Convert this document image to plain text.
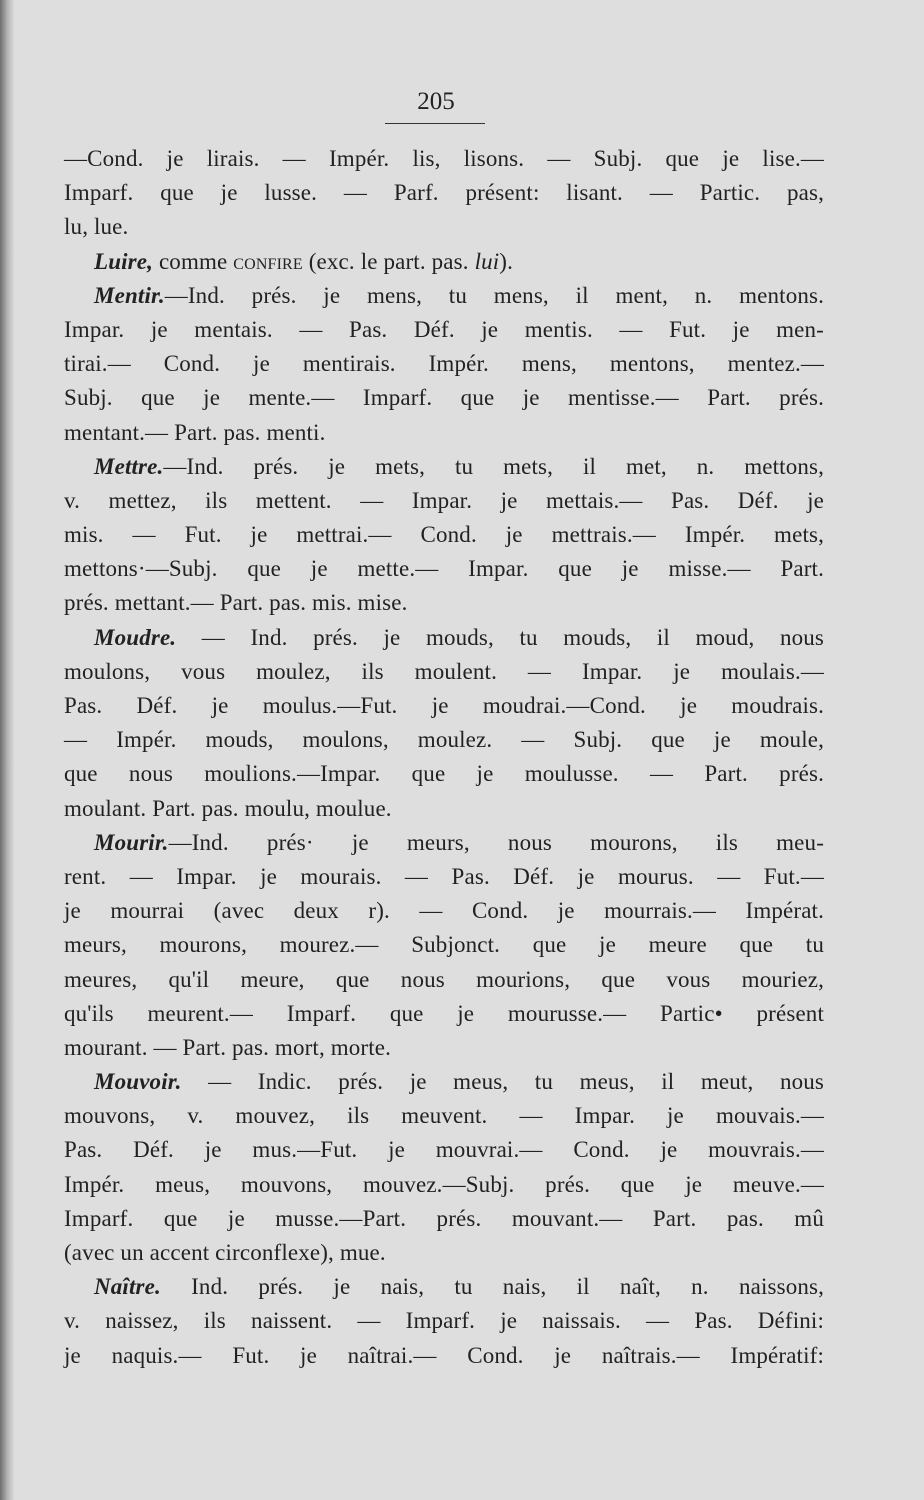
205
—Cond. je lirais. — Impér. lis, lisons. — Subj. que je lise.—
Imparf. que je lusse. — Parf. présent: lisant. — Partic. pas,
lu, lue.
Luire, comme confire (exc. le part. pas. lui).
Mentir.—Ind. prés. je mens, tu mens, il ment, n. mentons.
Impar. je mentais. — Pas. Déf. je mentis. — Fut. je men-
tirai.— Cond. je mentirais. Impér. mens, mentons, mentez.—
Subj. que je mente.— Imparf. que je mentisse.— Part. prés.
mentant.— Part. pas. menti.
Mettre.—Ind. prés. je mets, tu mets, il met, n. mettons,
v. mettez, ils mettent. — Impar. je mettais.— Pas. Déf. je
mis. — Fut. je mettrai.— Cond. je mettrais.— Impér. mets,
mettons·—Subj. que je mette.— Impar. que je misse.— Part.
prés. mettant.— Part. pas. mis. mise.
Moudre. — Ind. prés. je mouds, tu mouds, il moud, nous
moulons, vous moulez, ils moulent. — Impar. je moulais.—
Pas. Déf. je moulus.—Fut. je moudrai.—Cond. je moudrais.
— Impér. mouds, moulons, moulez. — Subj. que je moule,
que nous moulions.—Impar. que je moulusse. — Part. prés.
moulant. Part. pas. moulu, moulue.
Mourir.—Ind. prés· je meurs, nous mourons, ils meu-
rent. — Impar. je mourais. — Pas. Déf. je mourus. — Fut.—
je mourrai (avec deux r). — Cond. je mourrais.— Impérat.
meurs, mourons, mourez.— Subjonct. que je meure que tu
meures, qu'il meure, que nous mourions, que vous mouriez,
qu'ils meurent.— Imparf. que je mourusse.— Partic• présent
mourant. — Part. pas. mort, morte.
Mouvoir. — Indic. prés. je meus, tu meus, il meut, nous
mouvons, v. mouvez, ils meuvent. — Impar. je mouvais.—
Pas. Déf. je mus.—Fut. je mouvrai.— Cond. je mouvrais.—
Impér. meus, mouvons, mouvez.—Subj. prés. que je meuve.—
Imparf. que je musse.—Part. prés. mouvant.— Part. pas. mû
(avec un accent circonflexe), mue.
Naître. Ind. prés. je nais, tu nais, il naît, n. naissons,
v. naissez, ils naissent. — Imparf. je naissais. — Pas. Défini:
je naquis.— Fut. je naîtrai.— Cond. je naîtrais.— Impératif:
